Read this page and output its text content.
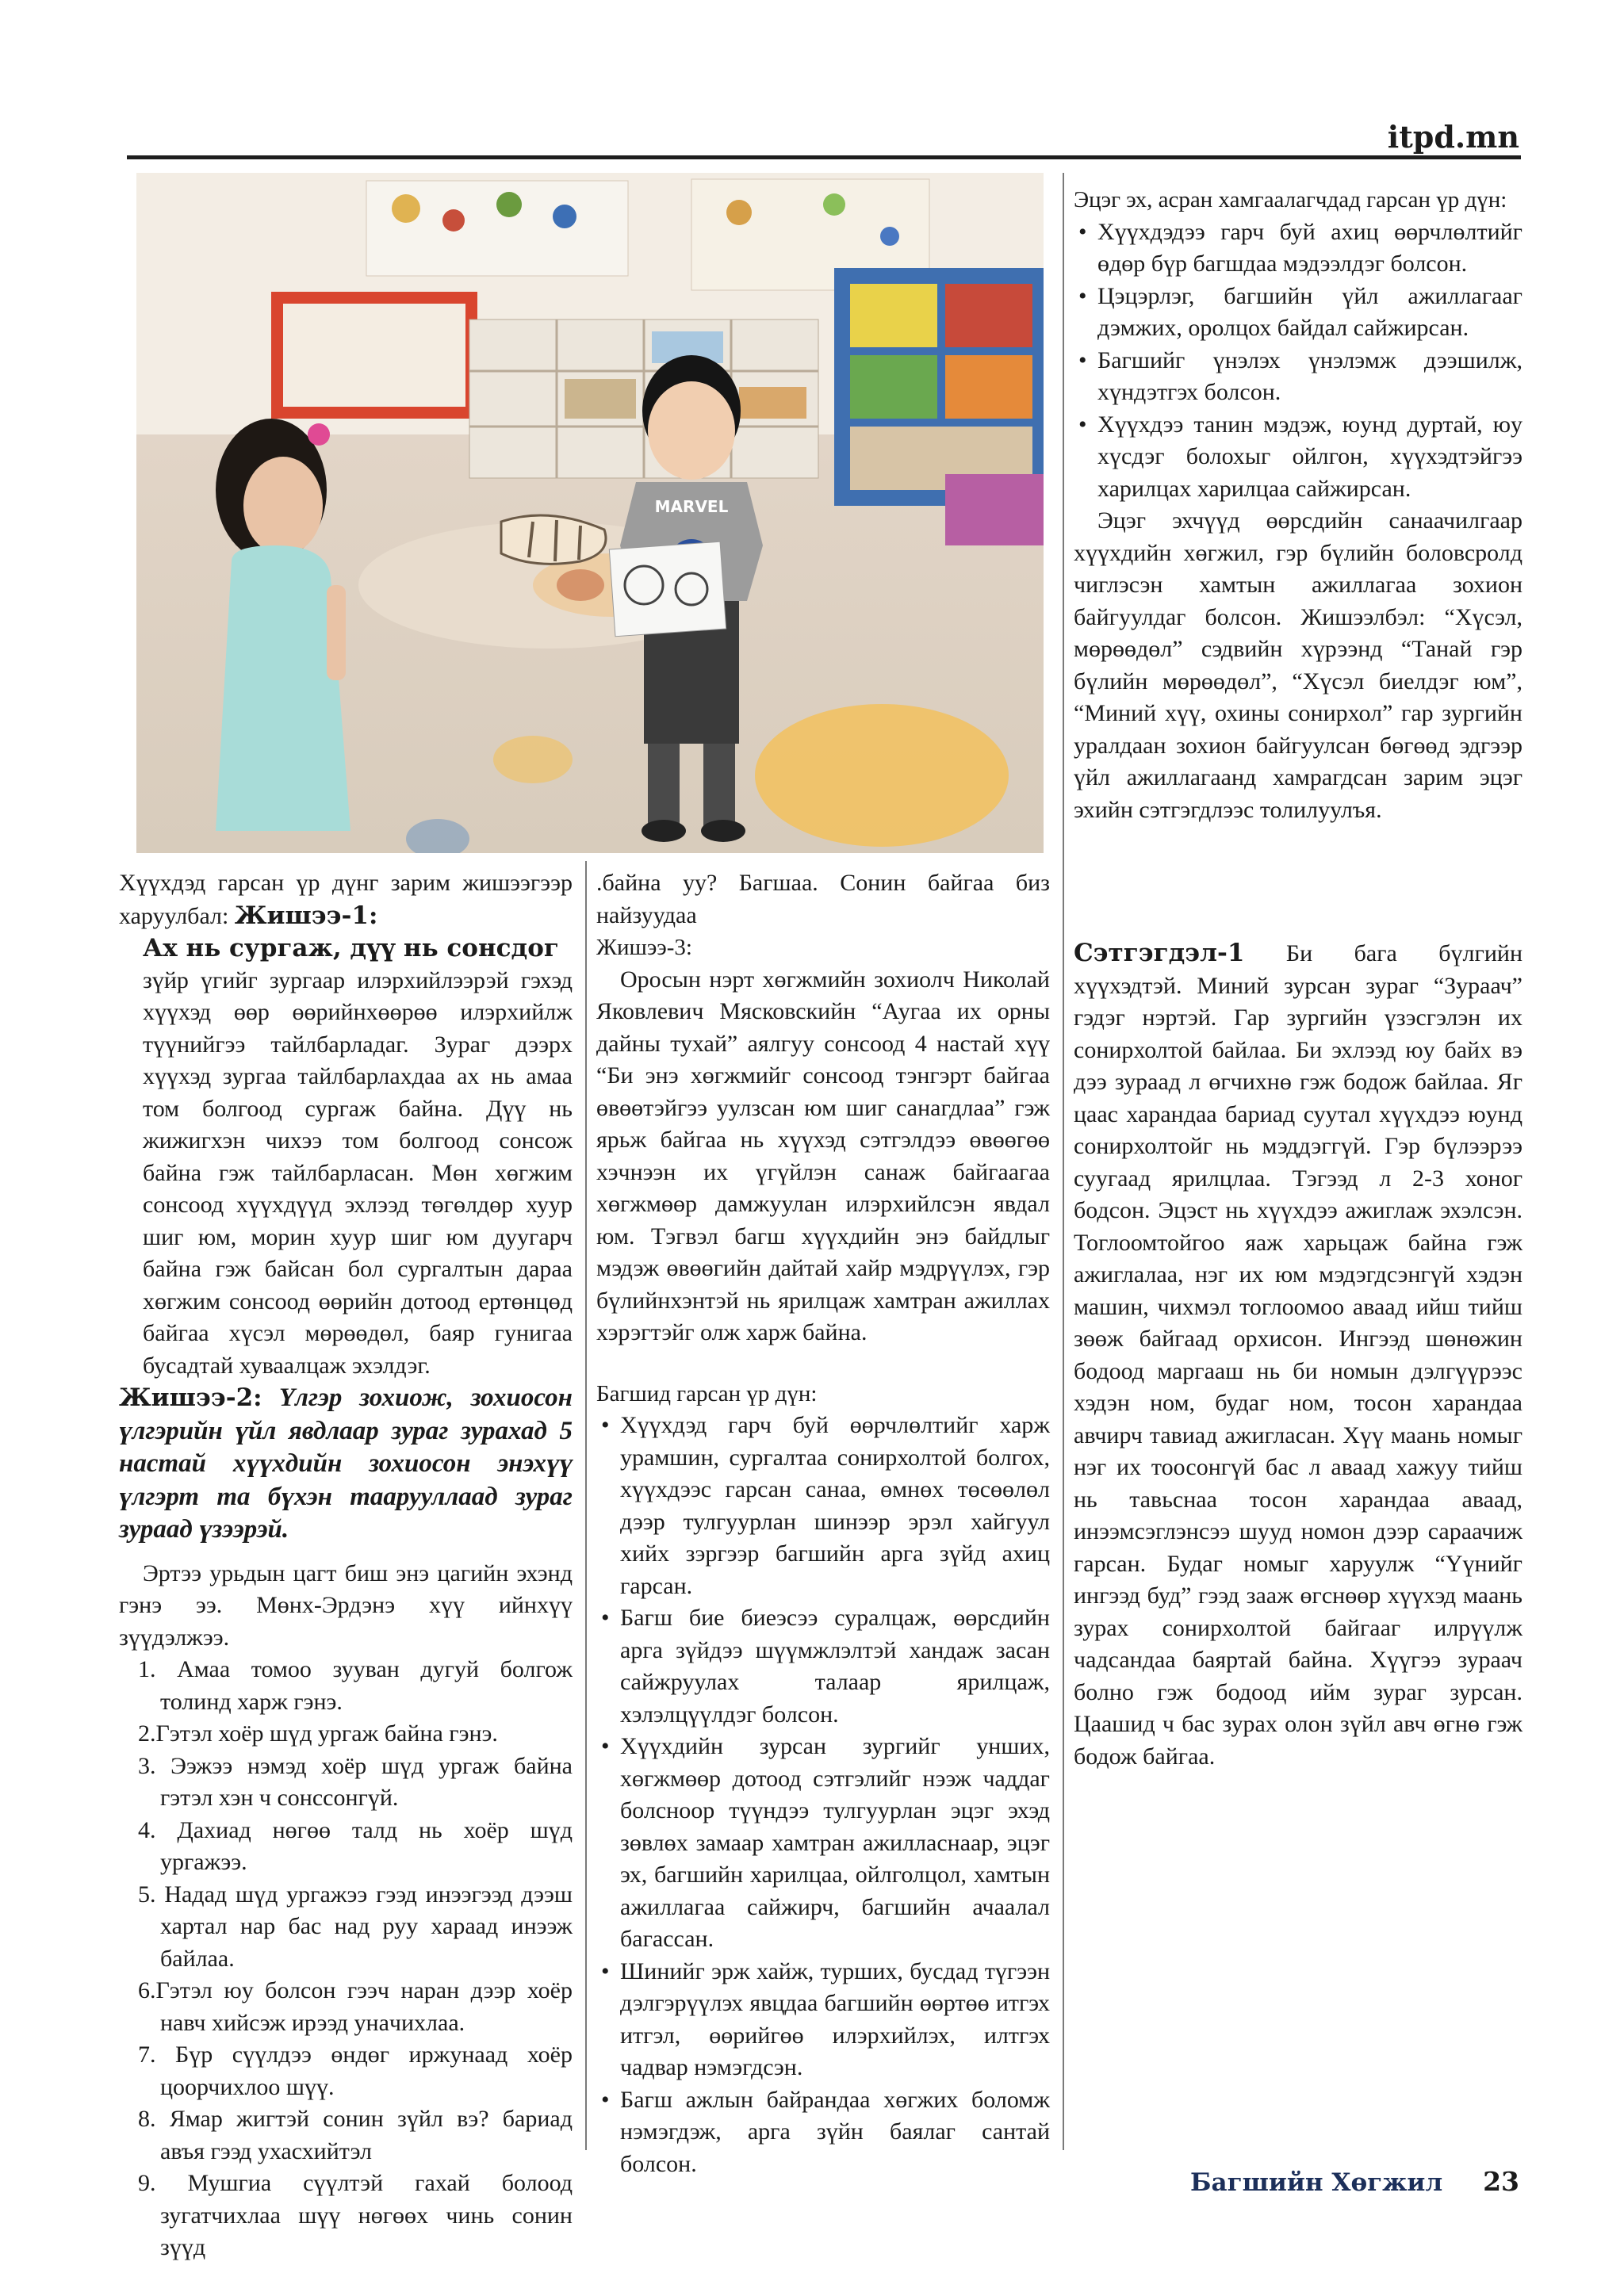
itpd.mn
MARVEL

Хүүхдэд гарсан үр дүнг зарим жишээгээр харуулбал: Жишээ-1:

Ах нь сургаж, дүү нь сонсдог

зүйр үгийг зургаар илэрхийлээрэй гэхэд хүүхэд өөр өөрийнхөөрөө илэрхийлж түүнийгээ тайлбарладаг. Зураг дээрх хүүхэд зургаа тайлбарлахдаа ах нь амаа том болгоод сургаж байна. Дүү нь жижигхэн чихээ том болгоод сонсож байна гэж тайлбарласан. Мөн хөгжим сонсоод хүүхдүүд эхлээд төгөлдөр хуур шиг юм, морин хуур шиг юм дуугарч байна гэж байсан бол сургалтын дараа хөгжим сонсоод өөрийн дотоод ертөнцөд байгаа хүсэл мөрөөдөл, баяр гунигаа бусадтай хуваалцаж эхэлдэг.

Жишээ-2: Үлгэр зохиож, зохиосон үлгэрийн үйл явдлаар зураг зурахад 5 настай хүүхдийн зохиосон энэхүү үлгэрт та бүхэн таарууллаад зураг зураад үзээрэй.

Эртээ урьдын цагт биш энэ цагийн эхэнд гэнэ ээ. Мөнх-Эрдэнэ хүү ийнхүү зүүдэлжээ.

1. Амаа томоо зууван дугуй болгож толинд харж гэнэ.
2.Гэтэл хоёр шүд ургаж байна гэнэ.
3. Ээжээ нэмэд хоёр шүд ургаж байна гэтэл хэн ч сонссонгүй.
4. Дахиад нөгөө талд нь хоёр шүд ургажээ.
5. Надад шүд ургажээ гээд инээгээд дээш хартал нар бас над руу хараад инээж байлаа.
6.Гэтэл юу болсон гээч наран дээр хоёр навч хийсэж ирээд унaчихлаа.
7. Бүр сүүлдээ өндөг иржунаад хоёр цоорчихлоо шүү.
8. Ямар жигтэй сонин зүйл вэ? бариад авъя гээд ухасхийтэл
9. Мушгиа сүүлтэй гахай болоод зугатчихлаа шүү нөгөөх чинь сонин зүүд

.байна уу? Багшаа. Сонин байгаа биз найзуудаа

Жишээ-3:

Оросын нэрт хөгжмийн зохиолч Николай Яковлевич Мясковскийн “Аугаа их орны дайны тухай” аялгуу сонсоод 4 настай хүү “Би энэ хөгжмийг сонсоод тэнгэрт байгаа өвөөтэйгээ уулзсан юм шиг санагдлаа” гэж ярьж байгаа нь хүүхэд сэтгэлдээ өвөөгөө хэчнээн их үгүйлэн санаж байгаагаа хөгжмөөр дамжуулан илэрхийлсэн явдал юм. Тэгвэл багш хүүхдийн энэ байдлыг мэдэж өвөөгийн дайтай хайр мэдрүүлэх, гэр бүлийнхэнтэй нь ярилцаж хамтран ажиллах хэрэгтэйг олж харж байна.

Багшид гарсан үр дүн:

• Хүүхдэд гарч буй өөрчлөлтийг харж урамшин, сургалтаа сонирхолтой болгох, хүүхдээс гарсан санаа, өмнөх төсөөлөл дээр тулгуурлан шинээр эрэл хайгуул хийх зэргээр багшийн арга зүйд ахиц гарсан.
• Багш бие биеэсээ суралцаж, өөрсдийн арга зүйдээ шүүмжлэлтэй хандаж засан сайжруулах талаар ярилцаж, хэлэлцүүлдэг болсон.
• Хүүхдийн зурсан зургийг унших, хөгжмөөр дотоод сэтгэлийг нээж чаддаг болсноор түүндээ тулгуурлан эцэг эхэд зөвлөх замаар хамтран ажилласнаар, эцэг эх, багшийн харилцаа, ойлголцол, хамтын ажиллагаа сайжирч, багшийн ачаалал багассан.
• Шинийг эрж хайж, турших, бусдад түгээн дэлгэрүүлэх явцдаа багшийн өөртөө итгэх итгэл, өөрийгөө илэрхийлэх, илтгэх чадвар нэмэгдсэн.
• Багш ажлын байрандаа хөгжих боломж нэмэгдэж, арга зүйн баялаг сантай болсон.

Эцэг эх, асран хамгаалагчдад гарсан үр дүн:

• Хүүхдэдээ гарч буй ахиц өөрчлөлтийг өдөр бүр багшдаа мэдээлдэг болсон.
• Цэцэрлэг, багшийн үйл ажиллагааг дэмжих, оролцох байдал сайжирсан.
• Багшийг үнэлэх үнэлэмж дээшилж, хүндэтгэх болсон.
• Хүүхдээ танин мэдэж, юунд дуртай, юу хүсдэг болохыг ойлгон, хүүхэдтэйгээ харилцах харилцаа сайжирсан.

Эцэг эхчүүд өөрсдийн санаачилгаар хүүхдийн хөгжил, гэр бүлийн боловсролд чиглэсэн хамтын ажиллагаа зохион байгуулдаг болсон. Жишээлбэл: “Хүсэл, мөрөөдөл” сэдвийн хүрээнд “Танай гэр бүлийн мөрөөдөл”, “Хүсэл биелдэг юм”, “Миний хүү, охины сонирхол” гар зургийн уралдаан зохион байгуулсан бөгөөд эдгээр үйл ажиллагаанд хамрагдсан зарим эцэг эхийн сэтгэгдлээс толилуулъя.

Сэтгэгдэл-1 Би бага бүлгийн хүүхэдтэй. Миний зурсан зураг “Зураач” гэдэг нэртэй. Гар зургийн үзэсгэлэн их сонирхолтой байлаа. Би эхлээд юу байх вэ дээ зураад л өгчихнө гэж бодож байлаа. Яг цаас харандаа бариад суутал хүүхдээ юунд сонирхолтойг нь мэддэггүй. Гэр бүлээрээ суугаад ярилцлаа. Тэгээд л 2-3 хоног бодсон. Эцэст нь хүүхдээ ажиглаж эхэлсэн. Тоглоомтойгоо яаж харьцаж байна гэж ажиглалаа, нэг их юм мэдэгдсэнгүй хэдэн машин, чихмэл тоглоомоо аваад ийш тийш зөөж байгаад орхисон. Ингээд шөнөжин бодоод маргааш нь би номын дэлгүүрээс хэдэн ном, будаг ном, тосон харандаа авчирч тавиад ажигласан. Хүү маань номыг нэг их тоосонгүй бас л аваад хажуу тийш нь тавьснаа тосон харандаа аваад, инээмсэглэнсээ шууд номон дээр сараачиж гарсан. Будаг номыг харуулж “Үүнийг ингээд буд” гээд зааж өгснөөр хүүхэд маань зурах сонирхолтой байгааг илрүүлж чадсандаа баяртай байна. Хүүгээ зураач болно гэж бодоод ийм зураг зурсан. Цаашид ч бас зурах олон зүйл авч өгнө гэж бодож байгаа.

Багшийн Хөгжил 23
